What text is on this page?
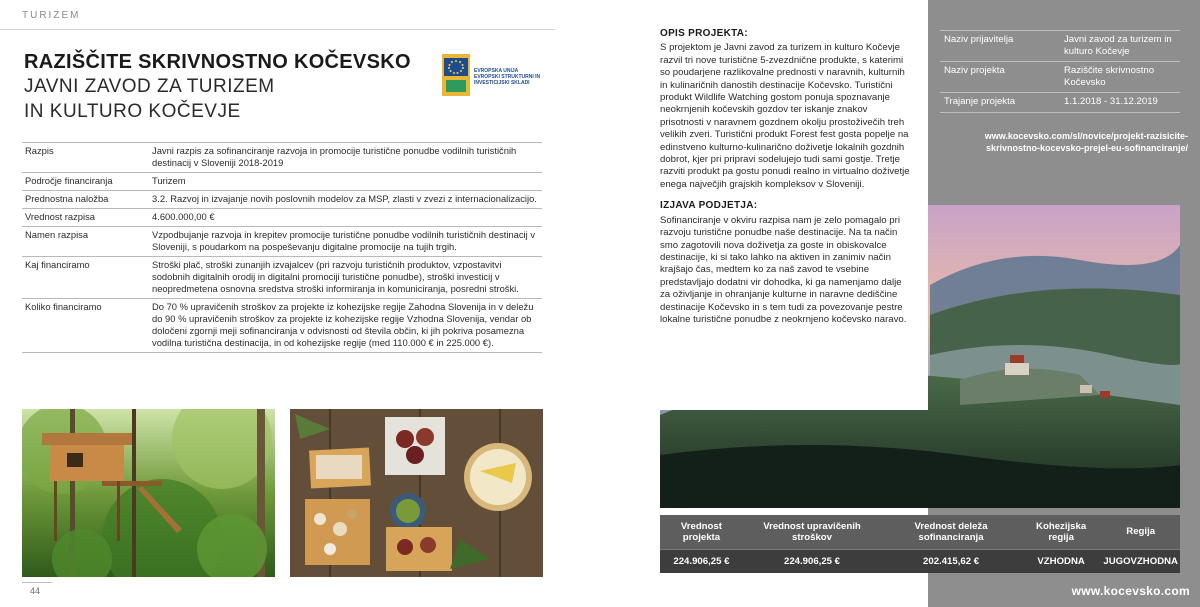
TURIZEM
RAZIŠČITE SKRIVNOSTNO KOČEVSKO
JAVNI ZAVOD ZA TURIZEM
IN KULTURO KOČEVJE
EVROPSKA UNIJA EVROPSKI STRUKTURNI IN INVESTICIJSKI SKLADI
Razpis	Javni razpis za sofinanciranje razvoja in promocije turistične ponudbe vodilnih turističnih destinacij v Sloveniji 2018-2019
Področje financiranja	Turizem
Prednostna naložba	3.2. Razvoj in izvajanje novih poslovnih modelov za MSP, zlasti v zvezi z internacionalizacijo.
Vrednost razpisa	4.600.000,00 €
Namen razpisa	Vzpodbujanje razvoja in krepitev promocije turistične ponudbe vodilnih turističnih destinacij v Sloveniji, s poudarkom na pospeševanju digitalne promocije na tujih trgih.
Kaj financiramo	Stroški plač, stroški zunanjih izvajalcev (pri razvoju turističnih produktov, vzpostavitvi sodobnih digitalnih orodij in digitalni promociji turistične ponudbe), stroški investicij v neopredmetena osnovna sredstva stroški informiranja in komuniciranja, posredni stroški.
Koliko financiramo	Do 70 % upravičenih stroškov za projekte iz kohezijske regije Zahodna Slovenija in v deležu do 90 % upravičenih stroškov za projekte iz kohezijske regije Vzhodna Slovenija, vendar ob določeni zgornji meji sofinanciranja v odvisnosti od števila občin, ki jih pokriva posamezna vodilna turistična destinacija, in od kohezijske regije (med 110.000 € in 225.000 €).
44
OPIS PROJEKTA:
S projektom je Javni zavod za turizem in kulturo Kočevje razvil tri nove turistične 5-zvezdnične produkte, s katerimi so poudarjene razlikovalne prednosti v naravnih, kulturnih in kulinaričnih danostih destinacije Kočevsko. Turistični produkt Wildlife Watching gostom ponuja spoznavanje neokrnjenih kočevskih gozdov ter iskanje znakov prisotnosti v naravnem gozdnem okolju prostoživečih treh velikih zveri. Turistični produkt Forest fest gosta popelje na edinstveno kulturno-kulinarično doživetje lokalnih gozdnih dobrot, kjer pri pripravi sodelujejo tudi sami gostje. Tretje razviti produkt pa gostu ponudi realno in virtualno doživetje enega največjih grajskih kompleksov v Sloveniji.
IZJAVA PODJETJA:
Sofinanciranje v okviru razpisa nam je zelo pomagalo pri razvoju turistične ponudbe naše destinacije. Na ta način smo zagotovili nova doživetja za goste in obiskovalce destinacije, ki si tako lahko na aktiven in zanimiv način krajšajo čas, medtem ko za naš zavod te vsebine predstavljajo dodatni vir dohodka, ki ga namenjamo dalje za oživljanje in ohranjanje kulturne in naravne dediščine destinacije Kočevsko in s tem tudi za povezovanje pestre lokalne turistične ponudbe z neokrnjeno kočevsko naravo.
Naziv prijavitelja	Javni zavod za turizem in kulturo Kočevje
Naziv projekta	Raziščite skrivnostno Kočevsko
Trajanje projekta	1.1.2018 - 31.12.2019
www.kocevsko.com/sl/novice/projekt-razisicite-skrivnostno-kocevsko-prejel-eu-sofinanciranje/
Vrednost projekta	Vrednost upravičenih stroškov	Vrednost deleža sofinanciranja	Kohezijska regija	Regija
224.906,25 €	224.906,25 €	202.415,62 €	VZHODNA	JUGOVZHODNA
www.kocevsko.com
